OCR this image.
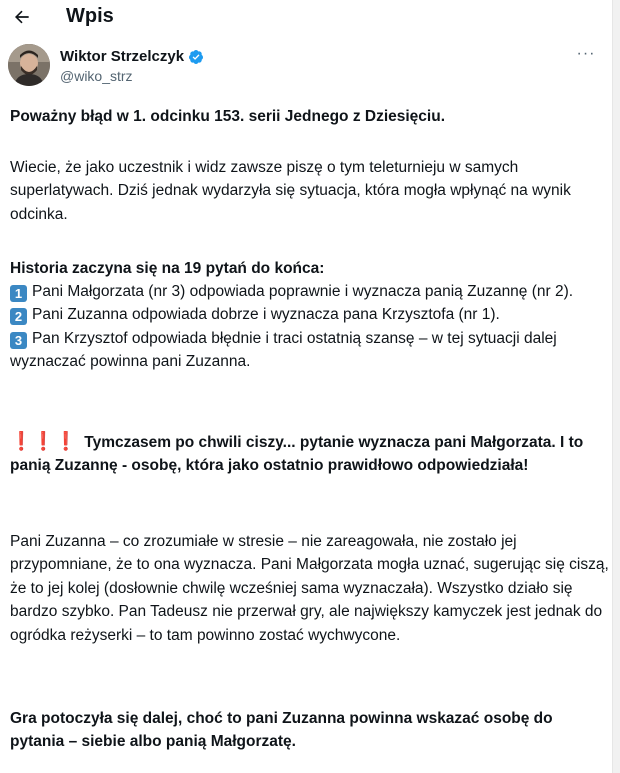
Wpis
Wiktor Strzelczyk
@wiko_strz
···
Poważny błąd w 1. odcinku 153. serii Jednego z Dziesięciu.
Wiecie, że jako uczestnik i widz zawsze piszę o tym teleturnieju w samych superlatywach. Dziś jednak wydarzyła się sytuacja, która mogła wpłynąć na wynik odcinka.
Historia zaczyna się na 19 pytań do końca:
1 Pani Małgorzata (nr 3) odpowiada poprawnie i wyznacza panią Zuzannę (nr 2).
2 Pani Zuzanna odpowiada dobrze i wyznacza pana Krzysztofa (nr 1).
3 Pan Krzysztof odpowiada błędnie i traci ostatnią szansę – w tej sytuacji dalej wyznaczać powinna pani Zuzanna.
❗❗❗ Tymczasem po chwili ciszy... pytanie wyznacza pani Małgorzata. I to panią Zuzannę - osobę, która jako ostatnio prawidłowo odpowiedziała!
Pani Zuzanna – co zrozumiałe w stresie – nie zareagowała, nie zostało jej przypomniane, że to ona wyznacza. Pani Małgorzata mogła uznać, sugerując się ciszą, że to jej kolej (dosłownie chwilę wcześniej sama wyznaczała). Wszystko działo się bardzo szybko. Pan Tadeusz nie przerwał gry, ale największy kamyczek jest jednak do ogródka reżyserki – to tam powinno zostać wychwycone.
Gra potoczyła się dalej, choć to pani Zuzanna powinna wskazać osobę do pytania – siebie albo panią Małgorzatę.
